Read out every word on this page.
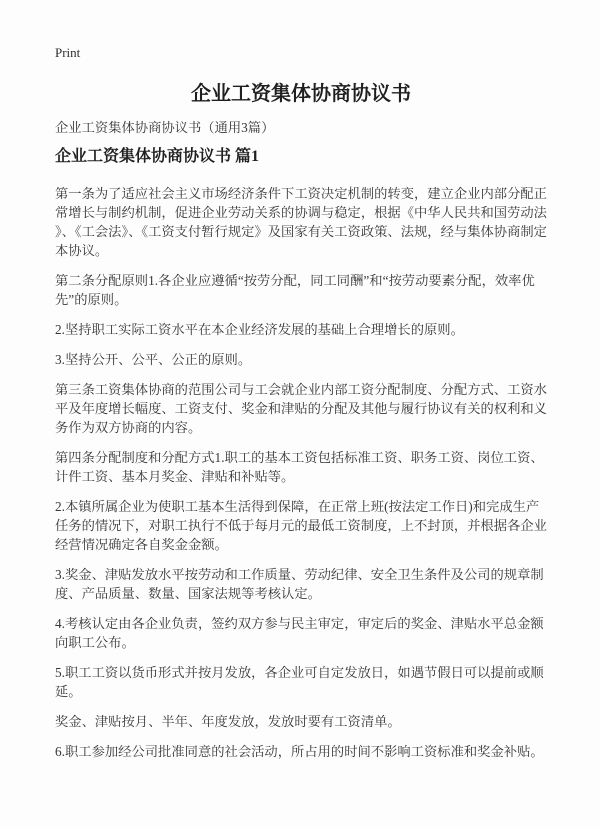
Print
企业工资集体协商协议书

企业工资集体协商协议书（通用3篇）

企业工资集体协商协议书 篇1

第一条为了适应社会主义市场经济条件下工资决定机制的转变，建立企业内部分配正常增长与制约机制，促进企业劳动关系的协调与稳定，根据《中华人民共和国劳动法》、《工会法》、《工资支付暂行规定》及国家有关工资政策、法规，经与集体协商制定本协议。

第二条分配原则1.各企业应遵循“按劳分配，同工同酬”和“按劳动要素分配，效率优先”的原则。

2.坚持职工实际工资水平在本企业经济发展的基础上合理增长的原则。

3.坚持公开、公平、公正的原则。

第三条工资集体协商的范围公司与工会就企业内部工资分配制度、分配方式、工资水平及年度增长幅度、工资支付、奖金和津贴的分配及其他与履行协议有关的权利和义务作为双方协商的内容。

第四条分配制度和分配方式1.职工的基本工资包括标准工资、职务工资、岗位工资、计件工资、基本月奖金、津贴和补贴等。

2.本镇所属企业为使职工基本生活得到保障，在正常上班(按法定工作日)和完成生产任务的情况下，对职工执行不低于每月元的最低工资制度，上不封顶，并根据各企业经营情况确定各自奖金金额。

3.奖金、津贴发放水平按劳动和工作质量、劳动纪律、安全卫生条件及公司的规章制度、产品质量、数量、国家法规等考核认定。

4.考核认定由各企业负责，签约双方参与民主审定，审定后的奖金、津贴水平总金额向职工公布。

5.职工工资以货币形式并按月发放，各企业可自定发放日，如遇节假日可以提前或顺延。

奖金、津贴按月、半年、年度发放，发放时要有工资清单。

6.职工参加经公司批准同意的社会活动，所占用的时间不影响工资标准和奖金补贴。
